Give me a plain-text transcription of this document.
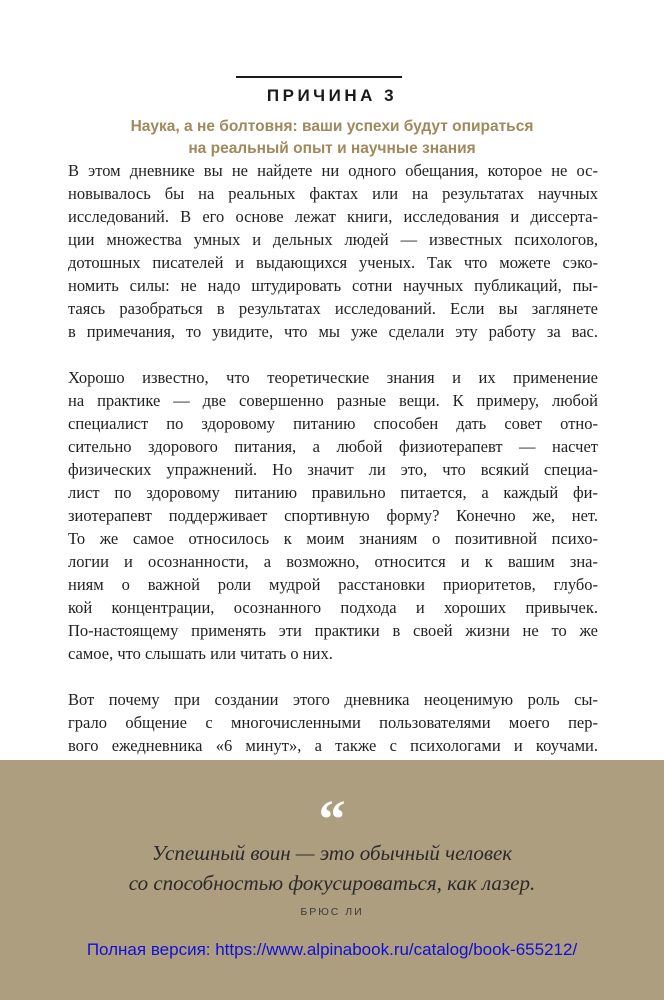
ПРИЧИНА 3
Наука, а не болтовня: ваши успехи будут опираться
на реальный опыт и научные знания

В этом дневнике вы не найдете ни одного обещания, которое не ос-
новывалось бы на реальных фактах или на результатах научных
исследований. В его основе лежат книги, исследования и диссерта-
ции множества умных и дельных людей — известных психологов,
дотошных писателей и выдающихся ученых. Так что можете сэко-
номить силы: не надо штудировать сотни научных публикаций, пы-
таясь разобраться в результатах исследований. Если вы заглянете
в примечания, то увидите, что мы уже сделали эту работу за вас.

Хорошо известно, что теоретические знания и их применение
на практике — две совершенно разные вещи. К примеру, любой
специалист по здоровому питанию способен дать совет отно-
сительно здорового питания, а любой физиотерапевт — насчет
физических упражнений. Но значит ли это, что всякий специа-
лист по здоровому питанию правильно питается, а каждый фи-
зиотерапевт поддерживает спортивную форму? Конечно же, нет.
То же самое относилось к моим знаниям о позитивной психо-
логии и осознанности, а возможно, относится и к вашим зна-
ниям о важной роли мудрой расстановки приоритетов, глубо-
кой концентрации, осознанного подхода и хороших привычек.
По-настоящему применять эти практики в своей жизни не то же
самое, что слышать или читать о них.

Вот почему при создании этого дневника неоценимую роль сы-
грало общение с многочисленными пользователями моего пер-
вого ежедневника «6 минут», а также с психологами и коучами.

“
Успешный воин — это обычный человек
со способностью фокусироваться, как лазер.
БРЮС ЛИ
Полная версия: https://www.alpinabook.ru/catalog/book-655212/
